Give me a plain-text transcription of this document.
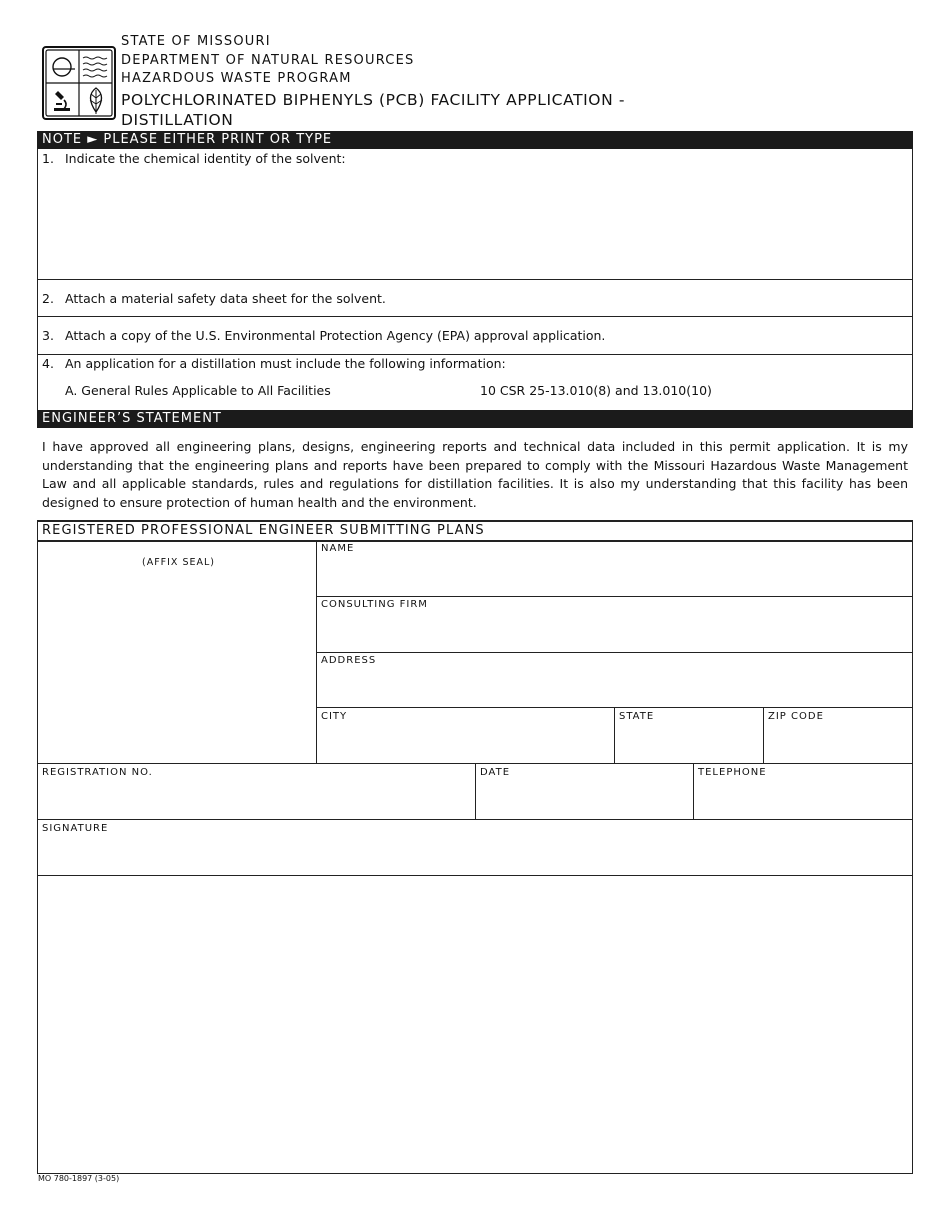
STATE OF MISSOURI
DEPARTMENT OF NATURAL RESOURCES
HAZARDOUS WASTE PROGRAM
POLYCHLORINATED BIPHENYLS (PCB) FACILITY APPLICATION -
DISTILLATION
NOTE ► PLEASE EITHER PRINT OR TYPE
1. Indicate the chemical identity of the solvent:
2. Attach a material safety data sheet for the solvent.
3. Attach a copy of the U.S. Environmental Protection Agency (EPA) approval application.
4. An application for a distillation must include the following information:
A. General Rules Applicable to All Facilities	10 CSR 25-13.010(8) and 13.010(10)
ENGINEER’S STATEMENT
I have approved all engineering plans, designs, engineering reports and technical data included in this permit application. It is my understanding that the engineering plans and reports have been prepared to comply with the Missouri Hazardous Waste Management Law and all applicable standards, rules and regulations for distillation facilities. It is also my understanding that this facility has been designed to ensure protection of human health and the environment.
REGISTERED PROFESSIONAL ENGINEER SUBMITTING PLANS
(AFFIX SEAL)
NAME
CONSULTING FIRM
ADDRESS
CITY	STATE	ZIP CODE
REGISTRATION NO.	DATE	TELEPHONE
SIGNATURE
MO 780-1897 (3-05)
